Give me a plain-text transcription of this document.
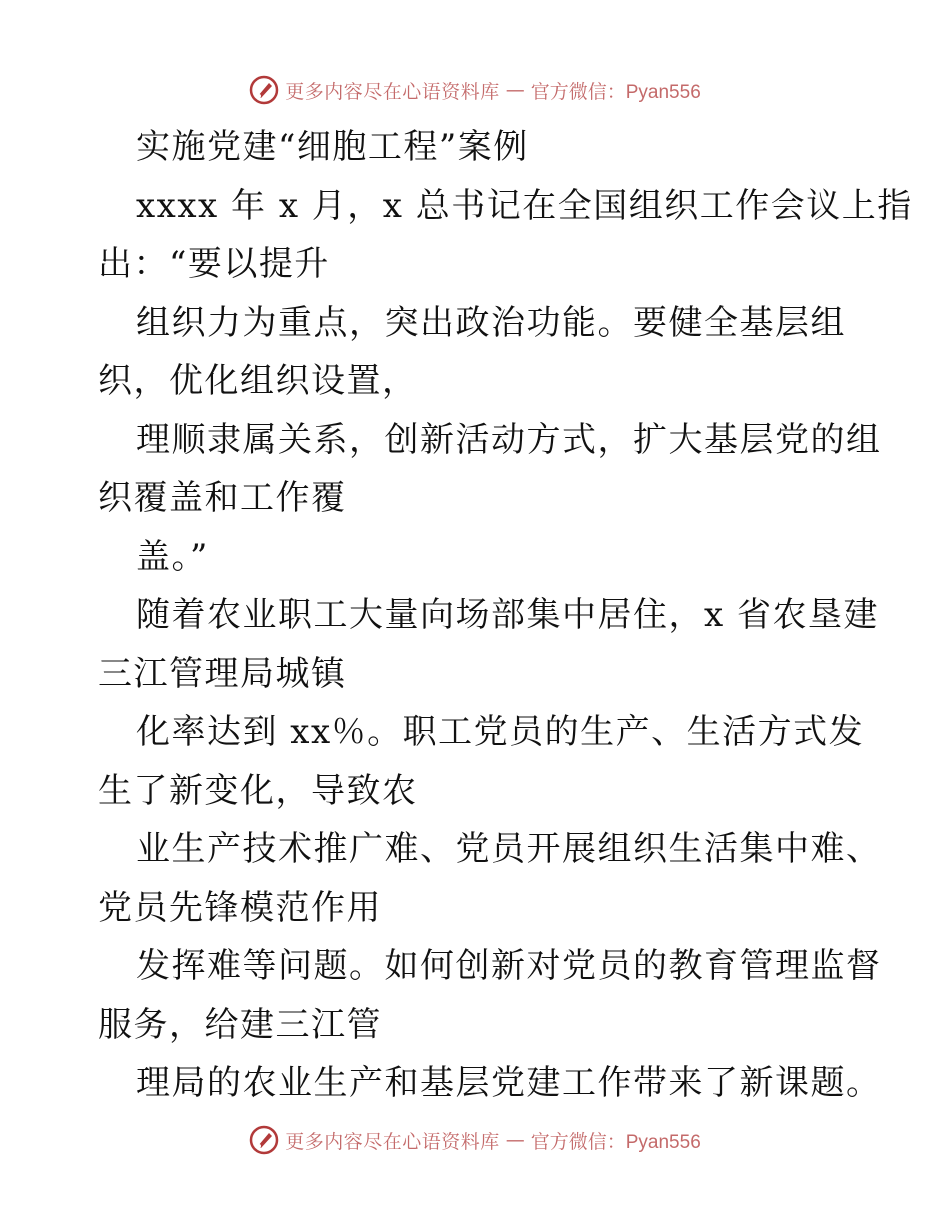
更多内容尽在心语资料库 — 官方微信：Pyan556
实施党建“细胞工程”案例
xxxx 年 x 月，x 总书记在全国组织工作会议上指
出：“要以提升
组织力为重点，突出政治功能。要健全基层组
织，优化组织设置，
理顺隶属关系，创新活动方式，扩大基层党的组
织覆盖和工作覆
盖。”
随着农业职工大量向场部集中居住，x 省农垦建
三江管理局城镇
化率达到 xx％。职工党员的生产、生活方式发
生了新变化，导致农
业生产技术推广难、党员开展组织生活集中难、
党员先锋模范作用
发挥难等问题。如何创新对党员的教育管理监督
服务，给建三江管
理局的农业生产和基层党建工作带来了新课题。
更多内容尽在心语资料库 — 官方微信：Pyan556
